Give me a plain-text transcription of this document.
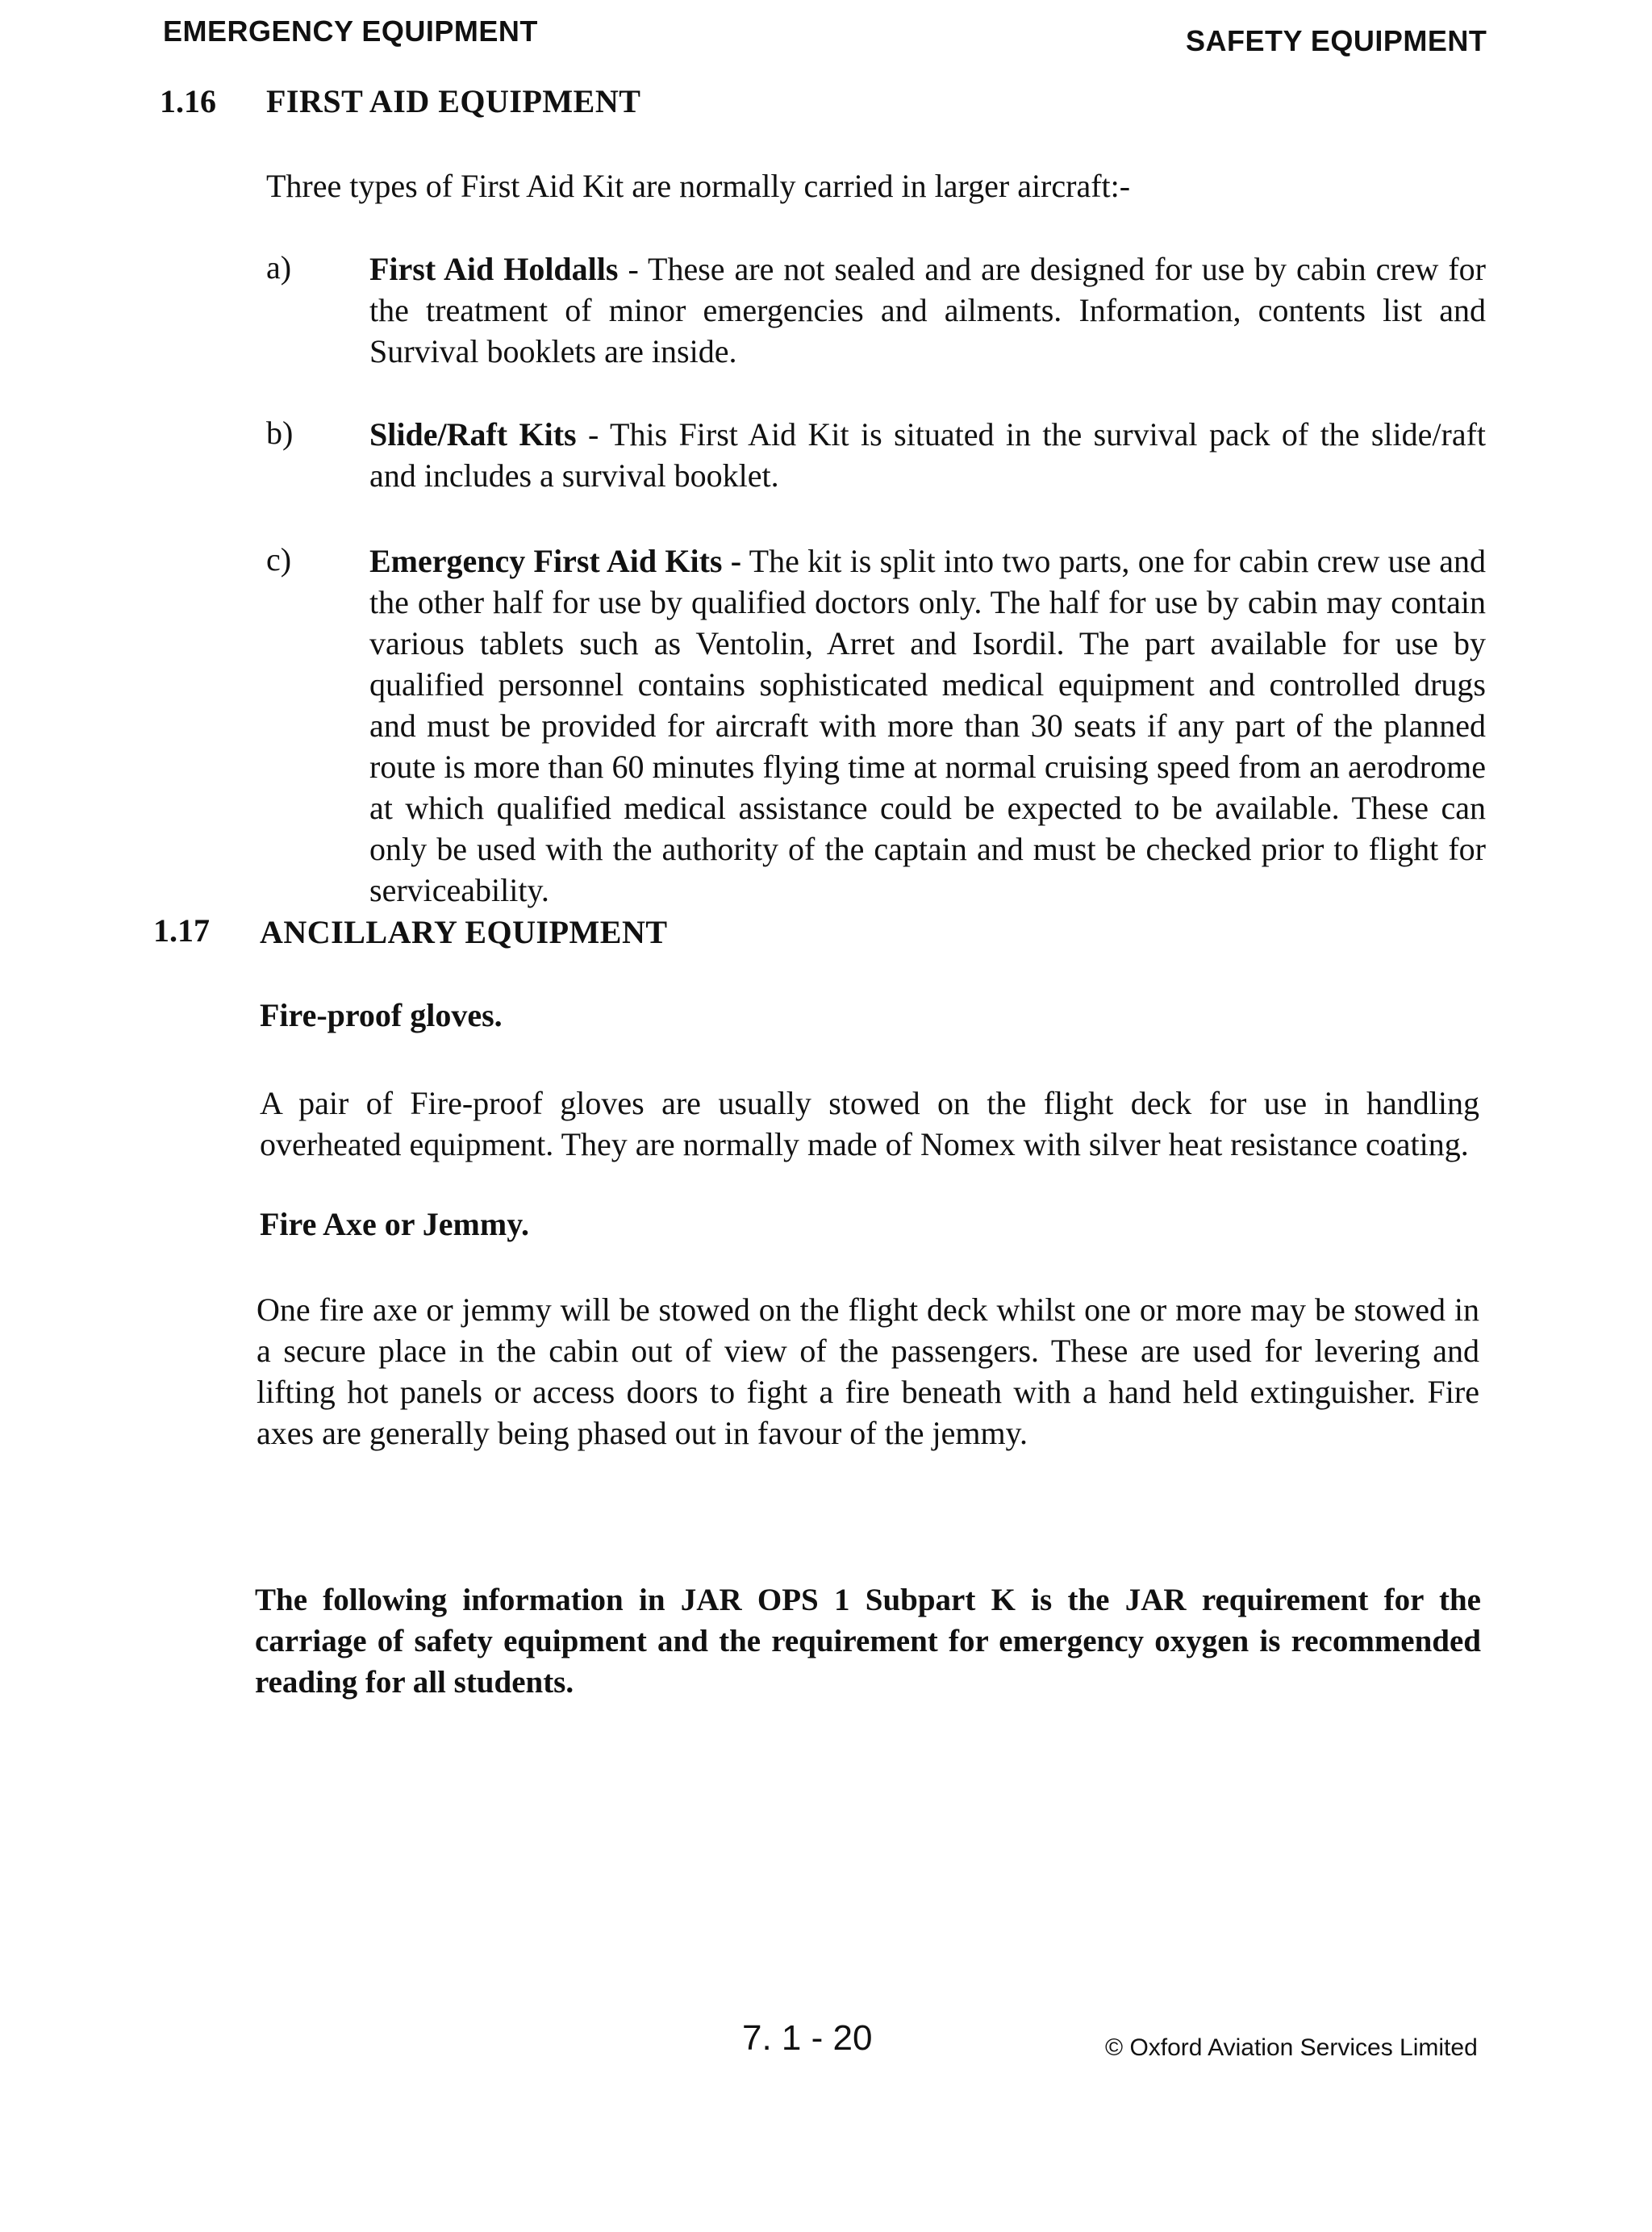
EMERGENCY EQUIPMENT	SAFETY EQUIPMENT
1.16 FIRST AID EQUIPMENT
Three types of First Aid Kit are normally carried in larger aircraft:-
a) First Aid Holdalls - These are not sealed and are designed for use by cabin crew for the treatment of minor emergencies and ailments. Information, contents list and Survival booklets are inside.
b) Slide/Raft Kits - This First Aid Kit is situated in the survival pack of the slide/raft and includes a survival booklet.
c) Emergency First Aid Kits - The kit is split into two parts, one for cabin crew use and the other half for use by qualified doctors only. The half for use by cabin may contain various tablets such as Ventolin, Arret and Isordil. The part available for use by qualified personnel contains sophisticated medical equipment and controlled drugs and must be provided for aircraft with more than 30 seats if any part of the planned route is more than 60 minutes flying time at normal cruising speed from an aerodrome at which qualified medical assistance could be expected to be available. These can only be used with the authority of the captain and must be checked prior to flight for serviceability.
1.17 ANCILLARY EQUIPMENT
Fire-proof gloves.
A pair of Fire-proof gloves are usually stowed on the flight deck for use in handling overheated equipment. They are normally made of Nomex with silver heat resistance coating.
Fire Axe or Jemmy.
One fire axe or jemmy will be stowed on the flight deck whilst one or more may be stowed in a secure place in the cabin out of view of the passengers. These are used for levering and lifting hot panels or access doors to fight a fire beneath with a hand held extinguisher. Fire axes are generally being phased out in favour of the jemmy.
The following information in JAR OPS 1 Subpart K is the JAR requirement for the carriage of safety equipment and the requirement for emergency oxygen is recommended reading for all students.
7. 1 - 20	© Oxford Aviation Services Limited
